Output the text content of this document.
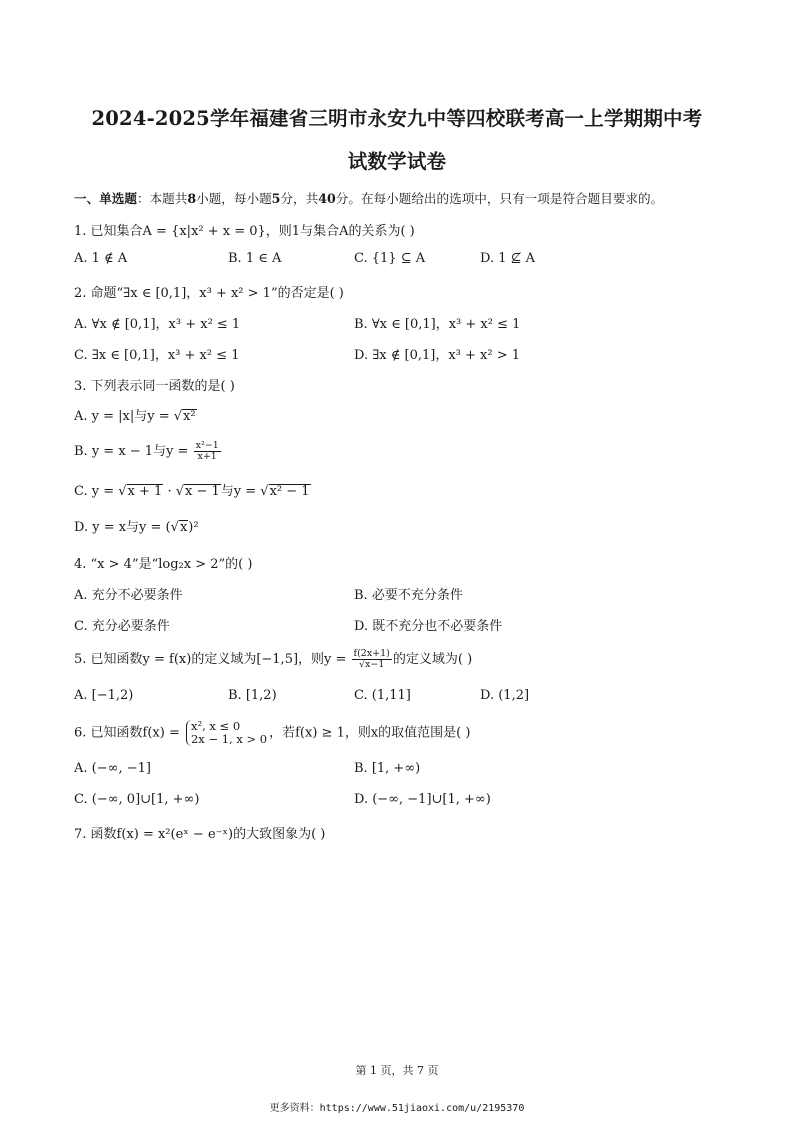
2024-2025学年福建省三明市永安九中等四校联考高一上学期期中考
试数学试卷
一、单选题：本题共8小题，每小题5分，共40分。在每小题给出的选项中，只有一项是符合题目要求的。
1. 已知集合A = {x|x² + x = 0}，则1与集合A的关系为( )
A. 1 ∉ A	B. 1 ∈ A	C. {1} ⊆ A	D. 1 ⊈ A
2. 命题“∃x ∈ [0,1]，x³ + x² > 1”的否定是( )
A. ∀x ∉ [0,1]，x³ + x² ≤ 1	B. ∀x ∈ [0,1]，x³ + x² ≤ 1
C. ∃x ∈ [0,1]，x³ + x² ≤ 1	D. ∃x ∉ [0,1]，x³ + x² > 1
3. 下列表示同一函数的是( )
A. y = |x|与y = √x²
B. y = x − 1与$y = \frac{\text{x²−1}}{x+1}$
C. y = √x + 1 · √x − 1与y = √x² − 1
D. y = x与y = (√x)²
4. “x > 4”是“log₂x > 2”的( )
A. 充分不必要条件	B. 必要不充分条件
C. 充分必要条件	D. 既不充分也不必要条件
5. 已知函数y = f(x)的定义域为[−1,5]，则$y = \frac{f(2x+1)}{√x-1}$ 的定义域为( )
A. [−1,2)	B. [1,2)	C. (1,11]	D. (1,2]
6. 已知函数f(x) = x², x ≤ 0
2x − 1, x > 0 ，若f(x) ≥ 1，则x的取值范围是( )
A. (−∞, −1]	B. [1, +∞)
C. (−∞, 0]∪[1, +∞)	D. (−∞, −1]∪[1, +∞)
7. 函数f(x) = x²(eˣ − e⁻ˣ)的大致图象为( )
第 1 页，共 7 页
更多资料：https://www.51jiaoxi.com/u/2195370
